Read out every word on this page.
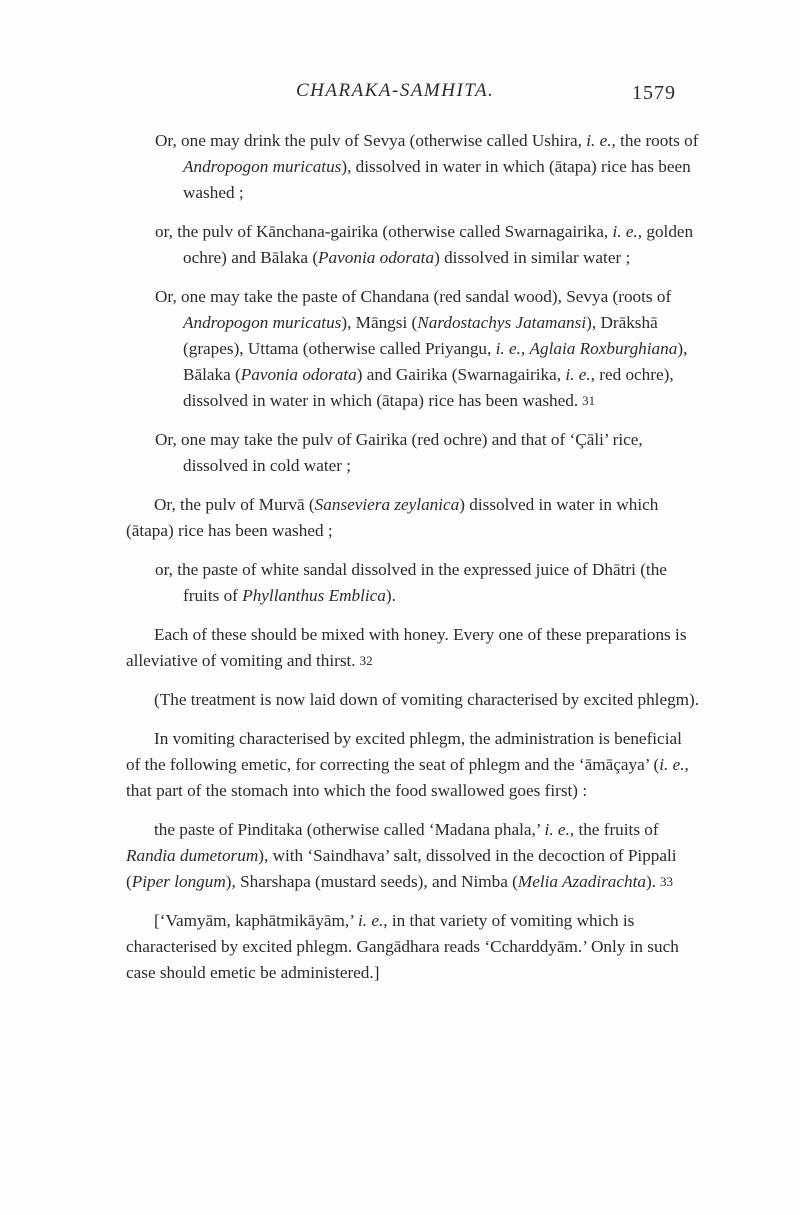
CHARAKA-SAMHITA.	1579

Or, one may drink the pulv of Sevya (otherwise called Ushira, i. e., the roots of Andropogon muricatus), dissolved in water in which (ātapa) rice has been washed ;

or, the pulv of Kānchana-gairika (otherwise called Swarnagairika, i. e., golden ochre) and Bālaka (Pavonia odorata) dissolved in similar water ;

Or, one may take the paste of Chandana (red sandal wood), Sevya (roots of Andropogon muricatus), Māngsi (Nardostachys Jatamansi), Drākshā (grapes), Uttama (otherwise called Priyangu, i. e., Aglaia Roxburghiana), Bālaka (Pavonia odorata) and Gairika (Swarnagairika, i. e., red ochre), dissolved in water in which (ātapa) rice has been washed. 31

Or, one may take the pulv of Gairika (red ochre) and that of ‘Çāli’ rice, dissolved in cold water ;

Or, the pulv of Murvā (Sanseviera zeylanica) dissolved in water in which (ātapa) rice has been washed ;

or, the paste of white sandal dissolved in the expressed juice of Dhātri (the fruits of Phyllanthus Emblica).

Each of these should be mixed with honey. Every one of these preparations is alleviative of vomiting and thirst. 32

(The treatment is now laid down of vomiting characterised by excited phlegm).

In vomiting characterised by excited phlegm, the administration is beneficial of the following emetic, for correcting the seat of phlegm and the ‘āmāçaya’ (i. e., that part of the stomach into which the food swallowed goes first) :

the paste of Pinditaka (otherwise called ‘Madana phala,’ i. e., the fruits of Randia dumetorum), with ‘Saindhava’ salt, dissolved in the decoction of Pippali (Piper longum), Sharshapa (mustard seeds), and Nimba (Melia Azadirachta). 33

[‘Vamyām, kaphātmikāyām,’ i. e., in that variety of vomiting which is characterised by excited phlegm. Gangādhara reads ‘Ccharddyām.’ Only in such case should emetic be administered.]
